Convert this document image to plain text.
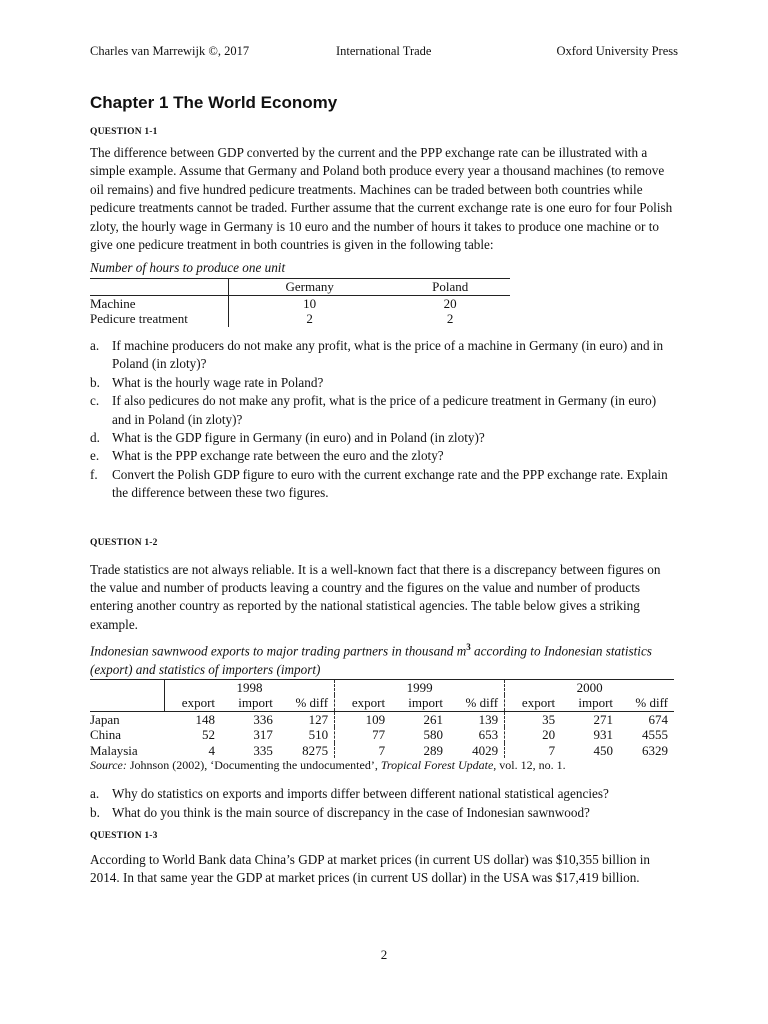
Charles van Marrewijk ©, 2017	International Trade	Oxford University Press
Chapter 1 The World Economy
QUESTION 1-1

The difference between GDP converted by the current and the PPP exchange rate can be illustrated with a simple example. Assume that Germany and Poland both produce every year a thousand machines (to remove oil remains) and five hundred pedicure treatments. Machines can be traded between both countries while pedicure treatments cannot be traded. Further assume that the current exchange rate is one euro for four Polish zloty, the hourly wage in Germany is 10 euro and the number of hours it takes to produce one machine or to give one pedicure treatment in both countries is given in the following table:

Number of hours to produce one unit
	Germany	Poland
Machine	10	20
Pedicure treatment	2	2
a. If machine producers do not make any profit, what is the price of a machine in Germany (in euro) and in Poland (in zloty)?
b. What is the hourly wage rate in Poland?
c. If also pedicures do not make any profit, what is the price of a pedicure treatment in Germany (in euro) and in Poland (in zloty)?
d. What is the GDP figure in Germany (in euro) and in Poland (in zloty)?
e. What is the PPP exchange rate between the euro and the zloty?
f. Convert the Polish GDP figure to euro with the current exchange rate and the PPP exchange rate. Explain the difference between these two figures.
QUESTION 1-2

Trade statistics are not always reliable. It is a well-known fact that there is a discrepancy between figures on the value and number of products leaving a country and the figures on the value and number of products entering another country as reported by the national statistical agencies. The table below gives a striking example.

Indonesian sawnwood exports to major trading partners in thousand $m^3$ according to Indonesian statistics (export) and statistics of importers (import)
	1998			1999			2000		
	export	import	% diff	export	import	% diff	export	import	% diff
Japan	148	336	127	109	261	139	35	271	674
China	52	317	510	77	580	653	20	931	4555
Malaysia	4	335	8275	7	289	4029	7	450	6329
Source: Johnson (2002), ‘Documenting the undocumented’, Tropical Forest Update, vol. 12, no. 1.
a. Why do statistics on exports and imports differ between different national statistical agencies?
b. What do you think is the main source of discrepancy in the case of Indonesian sawnwood?
QUESTION 1-3

According to World Bank data China’s GDP at market prices (in current US dollar) was $10,355 billion in 2014. In that same year the GDP at market prices (in current US dollar) in the USA was $17,419 billion.

2
